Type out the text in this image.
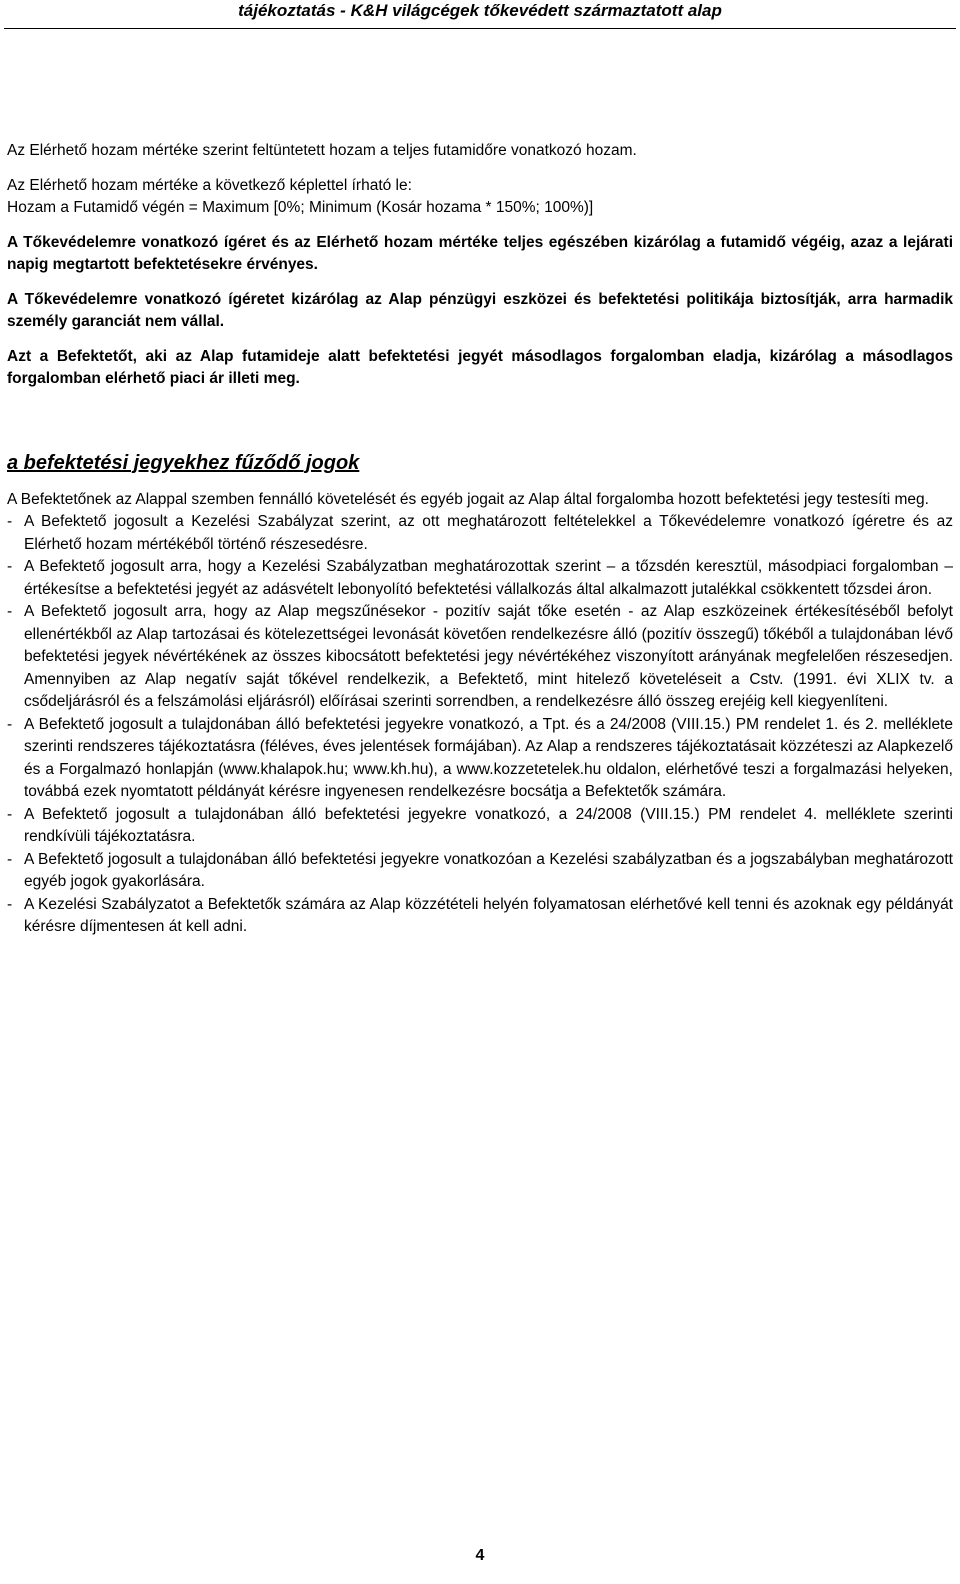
tájékoztatás - K&H világcégek tőkevédett származtatott alap

Az Elérhető hozam mértéke szerint feltüntetett hozam a teljes futamidőre vonatkozó hozam.

Az Elérhető hozam mértéke a következő képlettel írható le:

Hozam a Futamidő végén = Maximum [0%; Minimum (Kosár hozama * 150%; 100%)]

A Tőkevédelemre vonatkozó ígéret és az Elérhető hozam mértéke teljes egészében kizárólag a futamidő végéig, azaz a lejárati napig megtartott befektetésekre érvényes.

A Tőkevédelemre vonatkozó ígéretet kizárólag az Alap pénzügyi eszközei és befektetési politikája biztosítják, arra harmadik személy garanciát nem vállal.

Azt a Befektetőt, aki az Alap futamideje alatt befektetési jegyét másodlagos forgalomban eladja, kizárólag a másodlagos forgalomban elérhető piaci ár illeti meg.

a befektetési jegyekhez fűződő jogok

A Befektetőnek az Alappal szemben fennálló követelését és egyéb jogait az Alap által forgalomba hozott befektetési jegy testesíti meg.

- A Befektető jogosult a Kezelési Szabályzat szerint, az ott meghatározott feltételekkel a Tőkevédelemre vonatkozó ígéretre és az Elérhető hozam mértékéből történő részesedésre.
- A Befektető jogosult arra, hogy a Kezelési Szabályzatban meghatározottak szerint – a tőzsdén keresztül, másodpiaci forgalomban – értékesítse a befektetési jegyét az adásvételt lebonyolító befektetési vállalkozás által alkalmazott jutalékkal csökkentett tőzsdei áron.
- A Befektető jogosult arra, hogy az Alap megszűnésekor - pozitív saját tőke esetén - az Alap eszközeinek értékesítéséből befolyt ellenértékből az Alap tartozásai és kötelezettségei levonását követően rendelkezésre álló (pozitív összegű) tőkéből a tulajdonában lévő befektetési jegyek névértékének az összes kibocsátott befektetési jegy névértékéhez viszonyított arányának megfelelően részesedjen. Amennyiben az Alap negatív saját tőkével rendelkezik, a Befektető, mint hitelező követeléseit a Cstv. (1991. évi XLIX tv. a csődeljárásról és a felszámolási eljárásról) előírásai szerinti sorrendben, a rendelkezésre álló összeg erejéig kell kiegyenlíteni.
- A Befektető jogosult a tulajdonában álló befektetési jegyekre vonatkozó, a Tpt. és a 24/2008 (VIII.15.) PM rendelet 1. és 2. melléklete szerinti rendszeres tájékoztatásra (féléves, éves jelentések formájában). Az Alap a rendszeres tájékoztatásait közzéteszi az Alapkezelő és a Forgalmazó honlapján (www.khalapok.hu; www.kh.hu), a www.kozzetetelek.hu oldalon, elérhetővé teszi a forgalmazási helyeken, továbbá ezek nyomtatott példányát kérésre ingyenesen rendelkezésre bocsátja a Befektetők számára.
- A Befektető jogosult a tulajdonában álló befektetési jegyekre vonatkozó, a 24/2008 (VIII.15.) PM rendelet 4. melléklete szerinti rendkívüli tájékoztatásra.
- A Befektető jogosult a tulajdonában álló befektetési jegyekre vonatkozóan a Kezelési szabályzatban és a jogszabályban meghatározott egyéb jogok gyakorlására.
- A Kezelési Szabályzatot a Befektetők számára az Alap közzétételi helyén folyamatosan elérhetővé kell tenni és azoknak egy példányát kérésre díjmentesen át kell adni.
4
